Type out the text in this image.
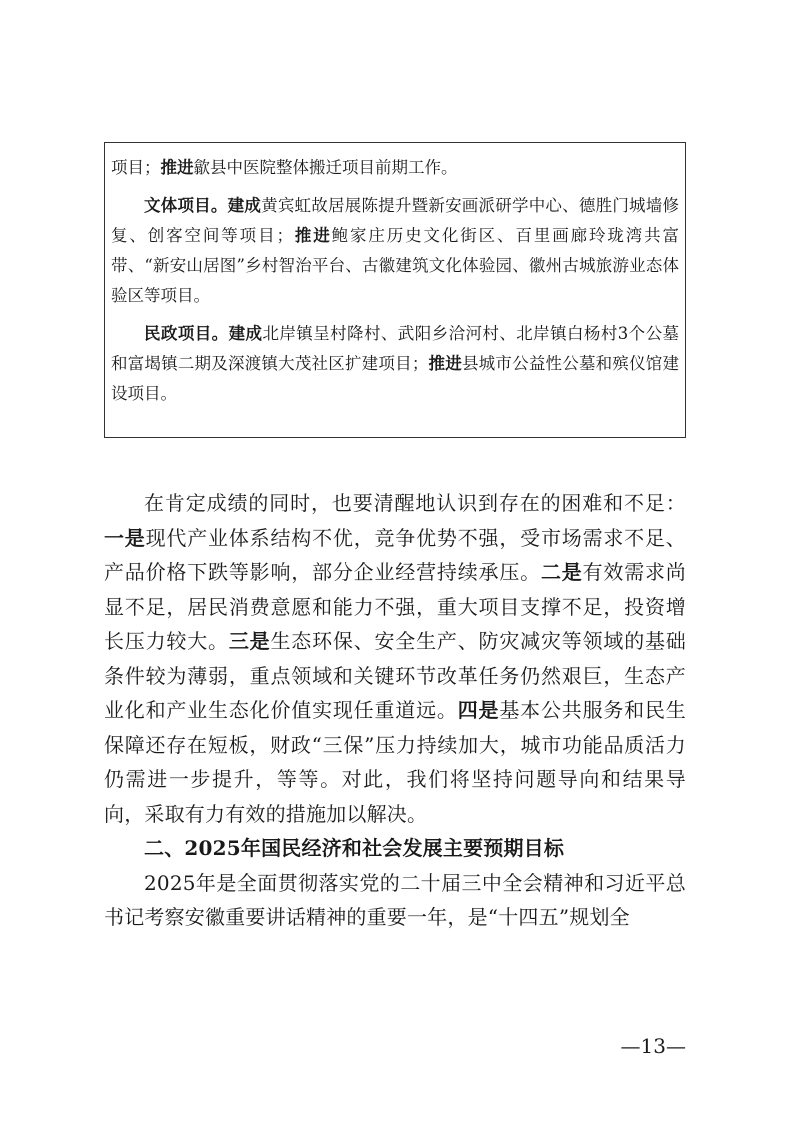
项目；推进歙县中医院整体搬迁项目前期工作。

文体项目。建成黄宾虹故居展陈提升暨新安画派研学中心、德胜门城墙修复、创客空间等项目；推进鲍家庄历史文化街区、百里画廊玲珑湾共富带、“新安山居图”乡村智治平台、古徽建筑文化体验园、徽州古城旅游业态体验区等项目。

民政项目。建成北岸镇呈村降村、武阳乡洽河村、北岸镇白杨村3个公墓和富堨镇二期及深渡镇大茂社区扩建项目；推进县城市公益性公墓和殡仪馆建设项目。

在肯定成绩的同时，也要清醒地认识到存在的困难和不足：一是现代产业体系结构不优，竞争优势不强，受市场需求不足、产品价格下跌等影响，部分企业经营持续承压。二是有效需求尚显不足，居民消费意愿和能力不强，重大项目支撑不足，投资增长压力较大。三是生态环保、安全生产、防灾减灾等领域的基础条件较为薄弱，重点领域和关键环节改革任务仍然艰巨，生态产业化和产业生态化价值实现任重道远。四是基本公共服务和民生保障还存在短板，财政“三保”压力持续加大，城市功能品质活力仍需进一步提升，等等。对此，我们将坚持问题导向和结果导向，采取有力有效的措施加以解决。

二、2025年国民经济和社会发展主要预期目标

2025年是全面贯彻落实党的二十届三中全会精神和习近平总书记考察安徽重要讲话精神的重要一年，是“十四五”规划全

—13—
